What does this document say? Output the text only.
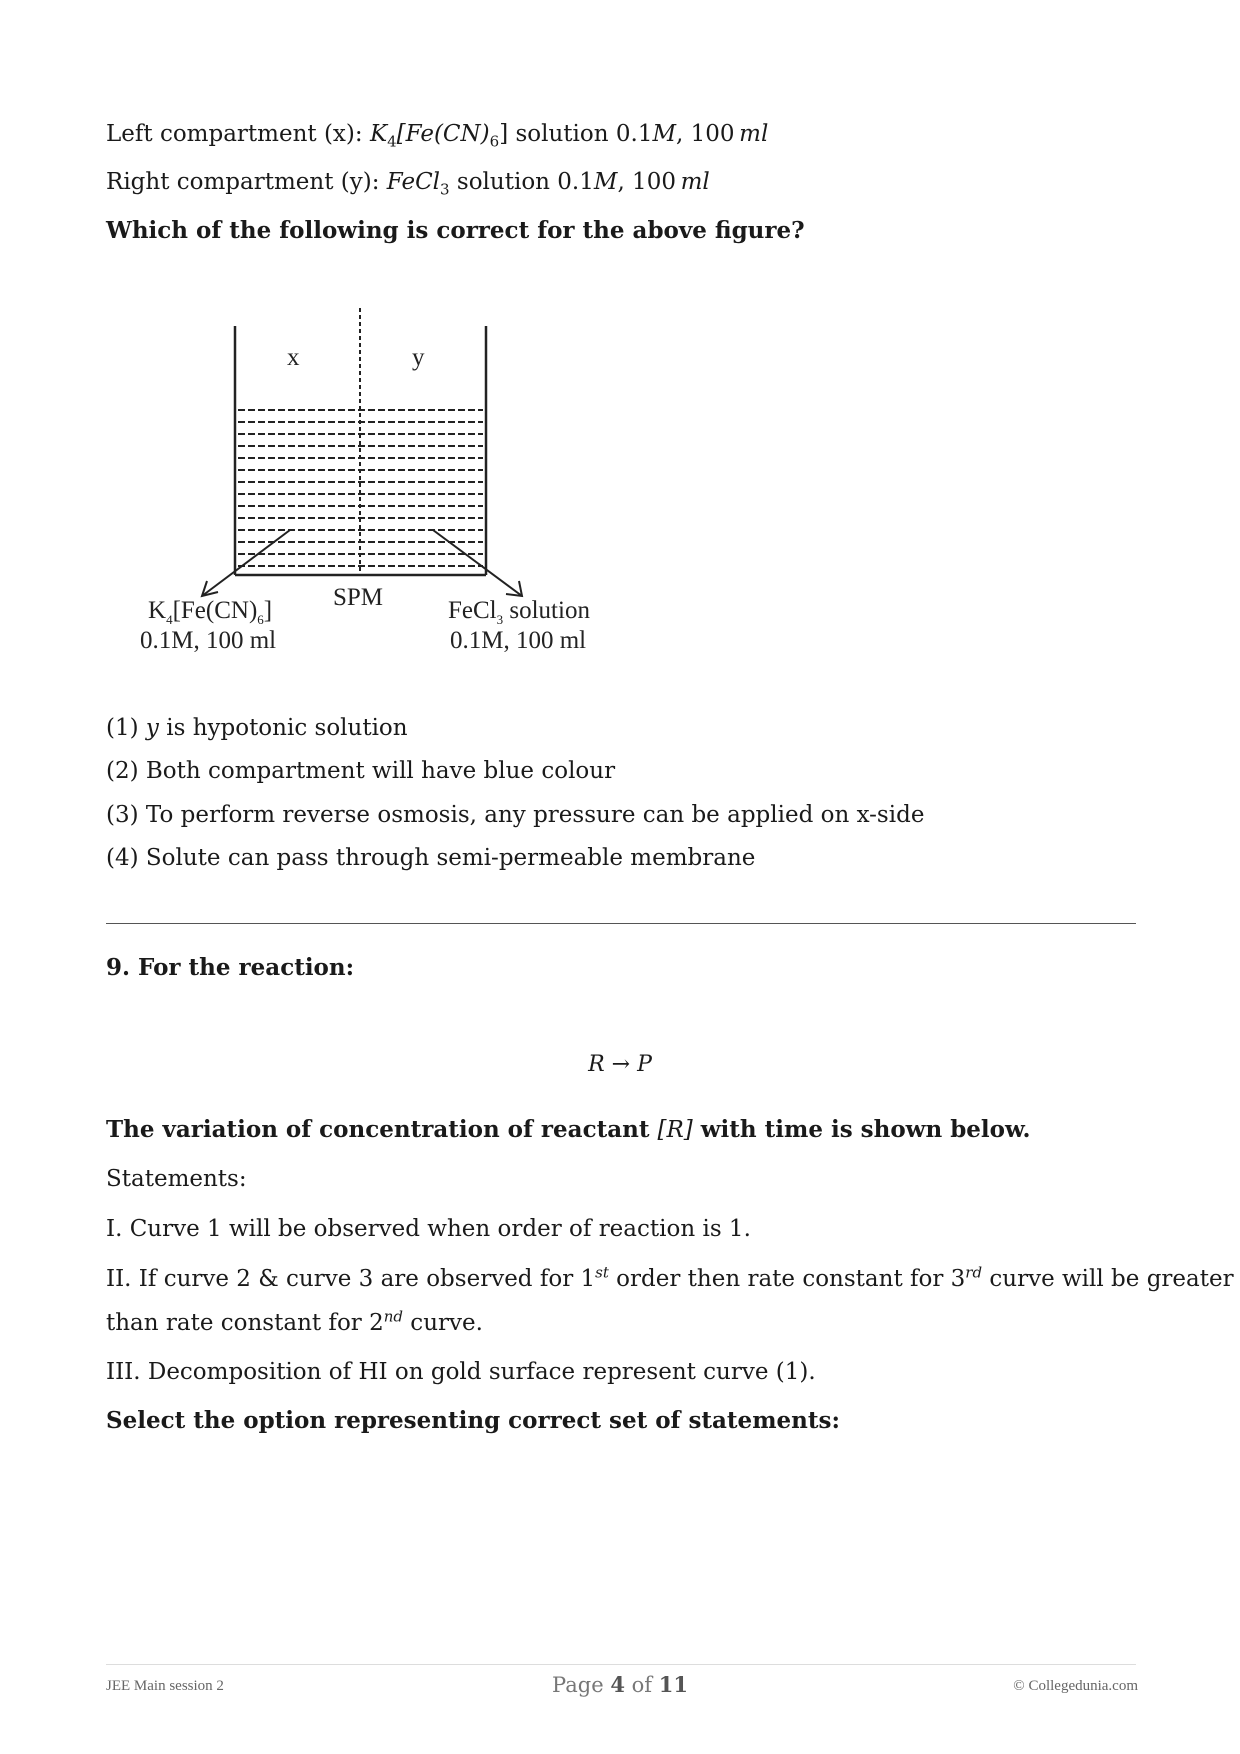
Left compartment (x): $K_4[Fe(CN)_6]$ solution 0.1M, 100  ml
Right compartment (y): FeCl$_3$ solution 0.1M, 100  ml
Which of the following is correct for the above figure?
x	y
SPM
$K_4[Fe(CN)_6]$
0.1M, 100 ml
FeCl$_3$ solution
0.1M, 100 ml
(1) y is hypotonic solution
(2) Both compartment will have blue colour
(3) To perform reverse osmosis, any pressure can be applied on x-side
(4) Solute can pass through semi-permeable membrane
9. For the reaction:
R → P
The variation of concentration of reactant [R] with time is shown below.
Statements:
I. Curve 1 will be observed when order of reaction is 1.
II. If curve 2 & curve 3 are observed for 1st order then rate constant for 3rd curve will be greater
than rate constant for 2nd curve.
III. Decomposition of HI on gold surface represent curve (1).
Select the option representing correct set of statements:
JEE Main session 2	Page 4 of 11	© Collegedunia.com
